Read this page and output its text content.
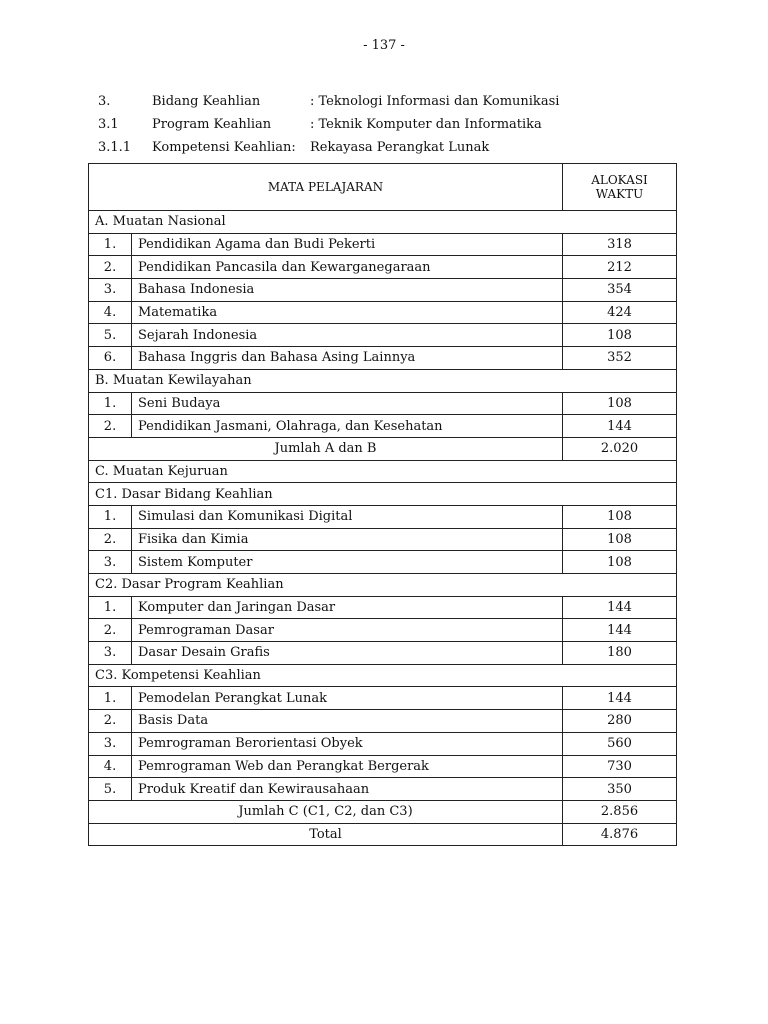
- 137 -
3.	Bidang Keahlian	: Teknologi Informasi dan Komunikasi
3.1	Program Keahlian	: Teknik Komputer dan Informatika
3.1.1	Kompetensi Keahlian:	Rekayasa Perangkat Lunak
MATA PELAJARAN		ALOKASI
WAKTU
A. Muatan Nasional		
1.	Pendidikan Agama dan Budi Pekerti	318
2.	Pendidikan Pancasila dan Kewarganegaraan	212
3.	Bahasa Indonesia	354
4.	Matematika	424
5.	Sejarah Indonesia	108
6.	Bahasa Inggris dan Bahasa Asing Lainnya	352
B. Muatan Kewilayahan		
1.	Seni Budaya	108
2.	Pendidikan Jasmani, Olahraga, dan Kesehatan	144
Jumlah A dan B		2.020
C. Muatan Kejuruan		
C1. Dasar Bidang Keahlian		
1.	Simulasi dan Komunikasi Digital	108
2.	Fisika dan Kimia	108
3.	Sistem Komputer	108
C2. Dasar Program Keahlian		
1.	Komputer dan Jaringan Dasar	144
2.	Pemrograman Dasar	144
3.	Dasar Desain Grafis	180
C3. Kompetensi Keahlian		
1.	Pemodelan Perangkat Lunak	144
2.	Basis Data	280
3.	Pemrograman Berorientasi Obyek	560
4.	Pemrograman Web dan Perangkat Bergerak	730
5.	Produk Kreatif dan Kewirausahaan	350
Jumlah C (C1, C2, dan C3)		2.856
Total		4.876
